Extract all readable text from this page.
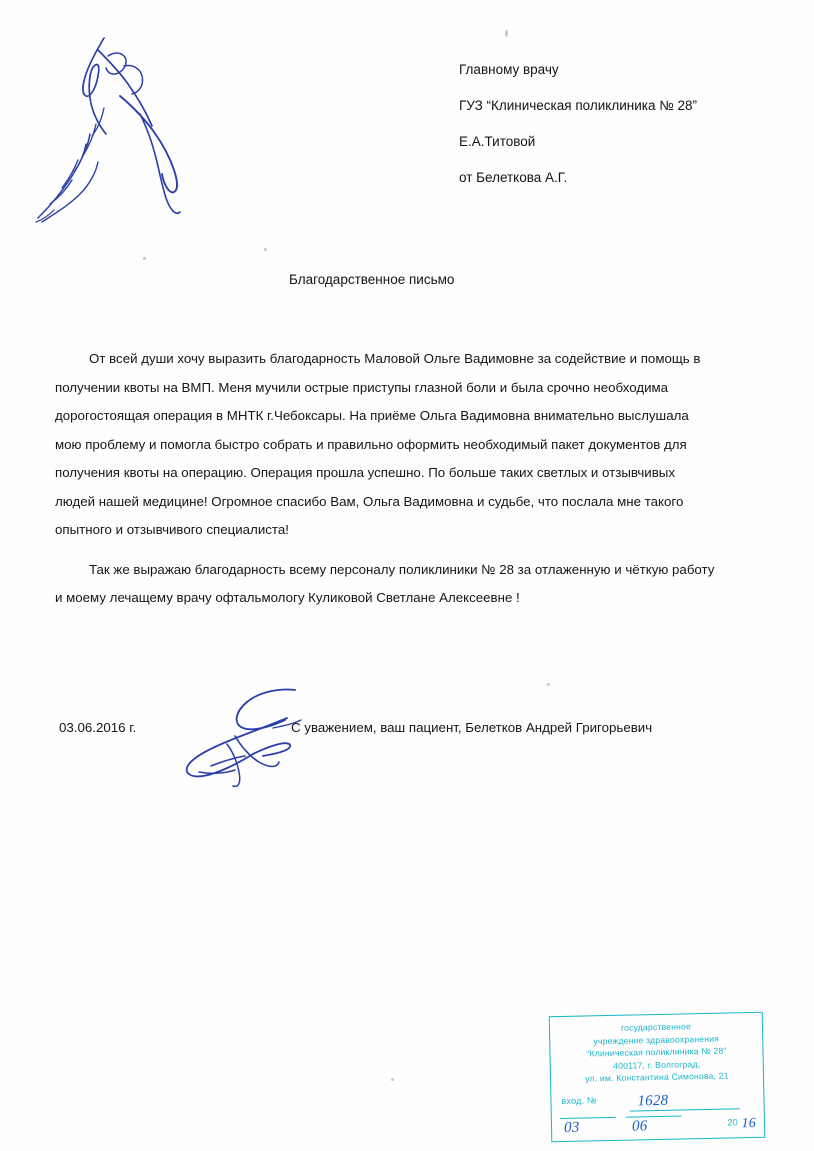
Главному врачу
ГУЗ “Клиническая поликлиника № 28”
Е.А.Титовой
от Белеткова А.Г.
Благодарственное письмо

От всей души хочу выразить благодарность Маловой Ольге Вадимовне за содействие и помощь в получении квоты на ВМП. Меня мучили острые приступы глазной боли и была срочно необходима дорогостоящая операция в МНТК г.Чебоксары. На приёме Ольга Вадимовна внимательно выслушала мою проблему и помогла быстро собрать и правильно оформить необходимый пакет документов для получения квоты на операцию. Операция прошла успешно. По больше таких светлых и отзывчивых людей нашей медицине! Огромное спасибо Вам, Ольга Вадимовна и судьбе, что послала мне такого опытного и отзывчивого специалиста!

Так же выражаю благодарность всему персоналу поликлиники № 28 за отлаженную и чёткую работу и моему лечащему врачу офтальмологу Куликовой Светлане Алексеевне !

03.06.2016 г.	С уважением, ваш пациент, Белетков Андрей Григорьевич
государственное
учреждение здравоохранения
“Клиническая поликлиника № 28”
400117, г. Волгоград,
ул. им. Константина Симонова, 21
вход. №	1628
03	06	20 16
